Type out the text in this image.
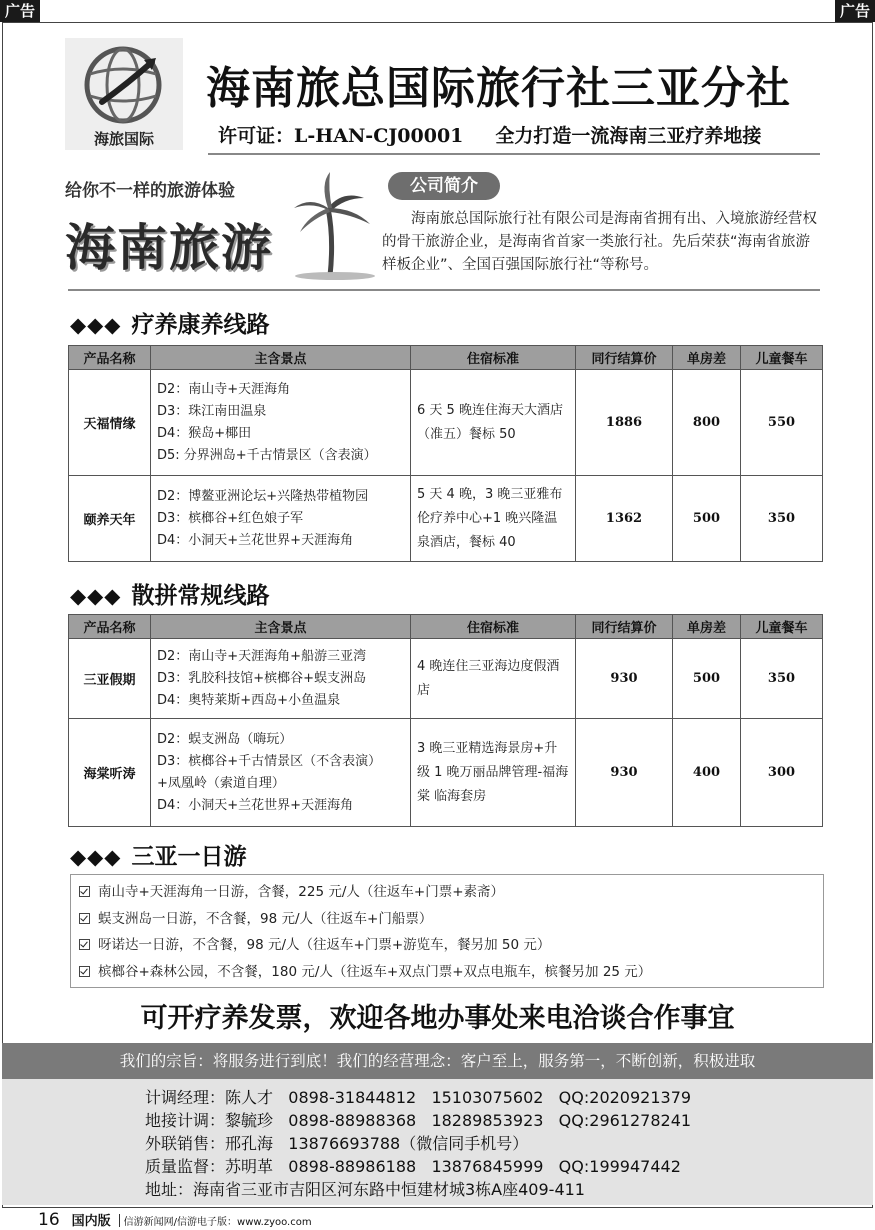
广告	广告
海旅国际
海南旅总国际旅行社三亚分社
许可证：L-HAN-CJ00001 全力打造一流海南三亚疗养地接
给你不一样的旅游体验
海南旅游
公司简介
海南旅总国际旅行社有限公司是海南省拥有出、入境旅游经营权的骨干旅游企业，是海南省首家一类旅行社。先后荣获“海南省旅游样板企业”、全国百强国际旅行社“等称号。
◆◆◆ 疗养康养线路
产品名称	主含景点	住宿标准	同行结算价	单房差	儿童餐车
天福情缘	D2：南山寺+天涯海角
D3：珠江南田温泉
D4：猴岛+椰田
D5: 分界洲岛+千古情景区（含表演）	6 天 5 晚连住海天大酒店（准五）餐标 50	1886	800	550
颐养天年	D2：博鳌亚洲论坛+兴隆热带植物园
D3：槟榔谷+红色娘子军
D4：小洞天+兰花世界+天涯海角	5 天 4 晚，3 晚三亚雅布伦疗养中心+1 晚兴隆温泉酒店，餐标 40	1362	500	350
◆◆◆ 散拼常规线路
产品名称	主含景点	住宿标准	同行结算价	单房差	儿童餐车
三亚假期	D2：南山寺+天涯海角+船游三亚湾
D3：乳胶科技馆+槟榔谷+蜈支洲岛
D4：奥特莱斯+西岛+小鱼温泉	4 晚连住三亚海边度假酒店	930	500	350
海棠听涛	D2：蜈支洲岛（嗨玩）
D3：槟榔谷+千古情景区（不含表演）+凤凰岭（索道自理）
D4：小洞天+兰花世界+天涯海角	3 晚三亚精选海景房+升级 1 晚万丽品牌管理-福海棠 临海套房	930	400	300
◆◆◆ 三亚一日游
南山寺+天涯海角一日游，含餐，225 元/人（往返车+门票+素斋）
蜈支洲岛一日游，不含餐，98 元/人（往返车+门船票）
呀诺达一日游，不含餐，98 元/人（往返车+门票+游览车，餐另加 50 元）
槟榔谷+森林公园，不含餐，180 元/人（往返车+双点门票+双点电瓶车，槟餐另加 25 元）
可开疗养发票，欢迎各地办事处来电洽谈合作事宜
我们的宗旨：将服务进行到底！我们的经营理念：客户至上，服务第一，不断创新，积极进取
计调经理：陈人才   0898-31844812   15103075602   QQ:2020921379
地接计调：黎毓珍   0898-88988368   18289853923   QQ:2961278241
外联销售：邢孔海   13876693788（微信同手机号）
质量监督：苏明革   0898-88986188   13876845999   QQ:199947442
地址：海南省三亚市吉阳区河东路中恒建材城3栋A座409-411
16 国内版 信游新闻网/信游电子版：www.zyoo.com
